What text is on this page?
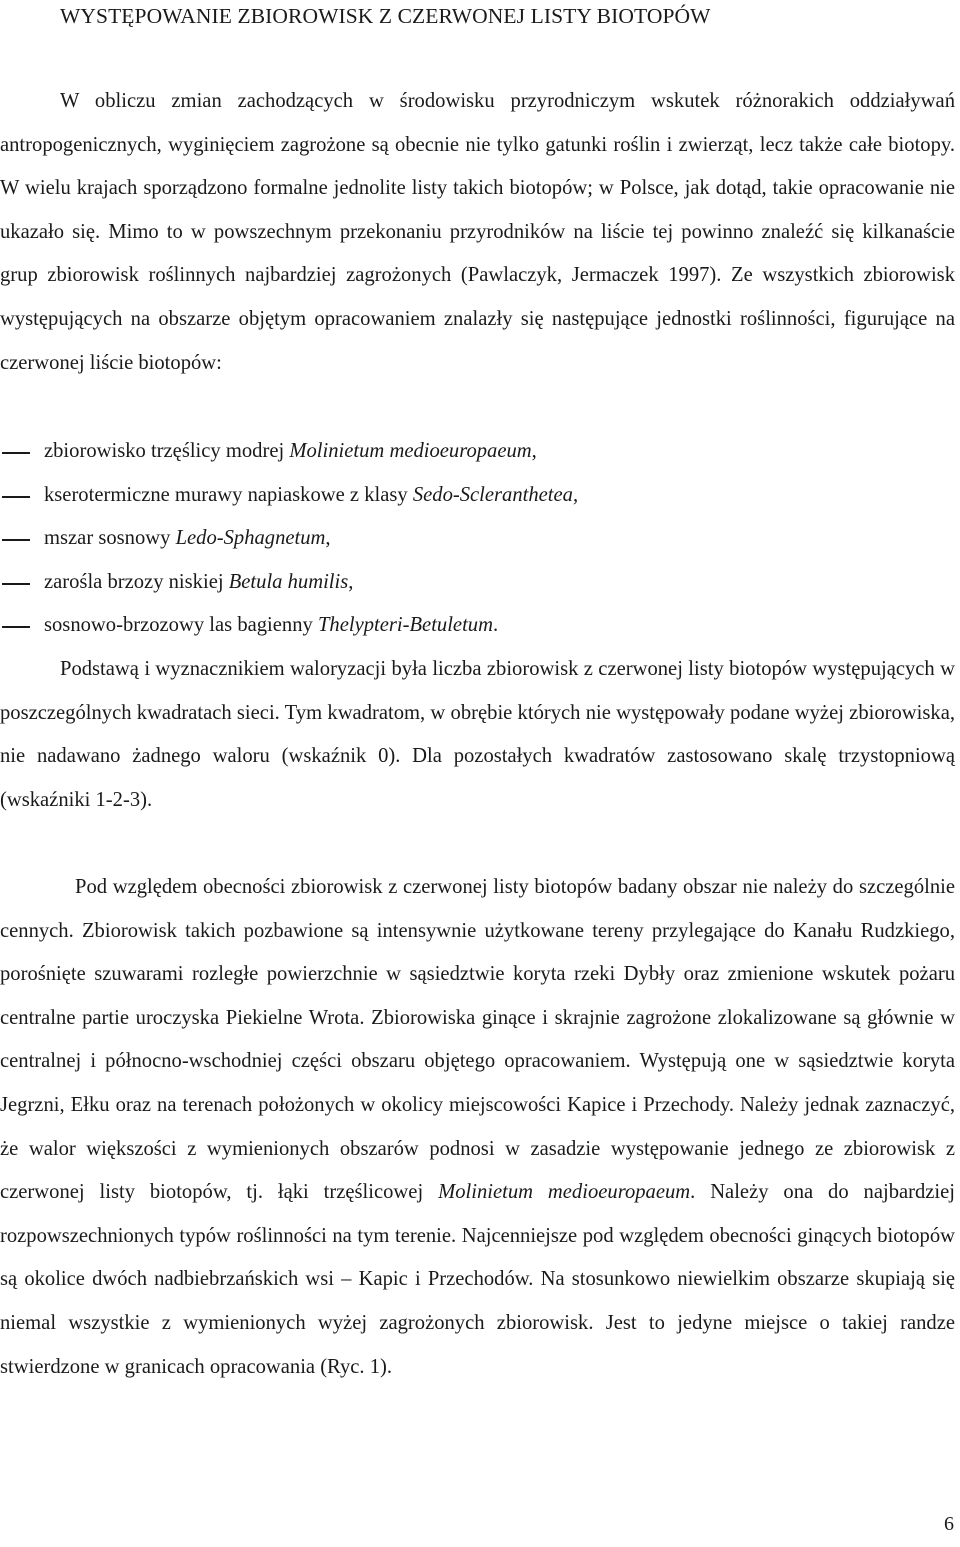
WYSTĘPOWANIE ZBIOROWISK Z CZERWONEJ LISTY BIOTOPÓW

W obliczu zmian zachodzących w środowisku przyrodniczym wskutek różnorakich oddziaływań antropogenicznych, wyginięciem zagrożone są obecnie nie tylko gatunki roślin i zwierząt, lecz także całe biotopy. W wielu krajach sporządzono formalne jednolite listy takich biotopów; w Polsce, jak dotąd, takie opracowanie nie ukazało się. Mimo to w powszechnym przekonaniu przyrodników na liście tej powinno znaleźć się kilkanaście grup zbiorowisk roślinnych najbardziej zagrożonych (Pawlaczyk, Jermaczek 1997). Ze wszystkich zbiorowisk występujących na obszarze objętym opracowaniem znalazły się następujące jednostki roślinności, figurujące na czerwonej liście biotopów:

zbiorowisko trzęślicy modrej Molinietum medioeuropaeum,
kserotermiczne murawy napiaskowe z klasy Sedo-Scleranthetea,
mszar sosnowy Ledo-Sphagnetum,
zarośla brzozy niskiej Betula humilis,
sosnowo-brzozowy las bagienny Thelypteri-Betuletum.

Podstawą i wyznacznikiem waloryzacji była liczba zbiorowisk z czerwonej listy biotopów występujących w poszczególnych kwadratach sieci. Tym kwadratom, w obrębie których nie występowały podane wyżej zbiorowiska, nie nadawano żadnego waloru (wskaźnik 0). Dla pozostałych kwadratów zastosowano skalę trzystopniową (wskaźniki 1-2-3).

Pod względem obecności zbiorowisk z czerwonej listy biotopów badany obszar nie należy do szczególnie cennych. Zbiorowisk takich pozbawione są intensywnie użytkowane tereny przylegające do Kanału Rudzkiego, porośnięte szuwarami rozległe powierzchnie w sąsiedztwie koryta rzeki Dybły oraz zmienione wskutek pożaru centralne partie uroczyska Piekielne Wrota. Zbiorowiska ginące i skrajnie zagrożone zlokalizowane są głównie w centralnej i północno-wschodniej części obszaru objętego opracowaniem. Występują one w sąsiedztwie koryta Jegrzni, Ełku oraz na terenach położonych w okolicy miejscowości Kapice i Przechody. Należy jednak zaznaczyć, że walor większości z wymienionych obszarów podnosi w zasadzie występowanie jednego ze zbiorowisk z czerwonej listy biotopów, tj. łąki trzęślicowej Molinietum medioeuropaeum. Należy ona do najbardziej rozpowszechnionych typów roślinności na tym terenie. Najcenniejsze pod względem obecności ginących biotopów są okolice dwóch nadbiebrzańskich wsi – Kapic i Przechodów. Na stosunkowo niewielkim obszarze skupiają się niemal wszystkie z wymienionych wyżej zagrożonych zbiorowisk. Jest to jedyne miejsce o takiej randze stwierdzone w granicach opracowania (Ryc. 1).

6
